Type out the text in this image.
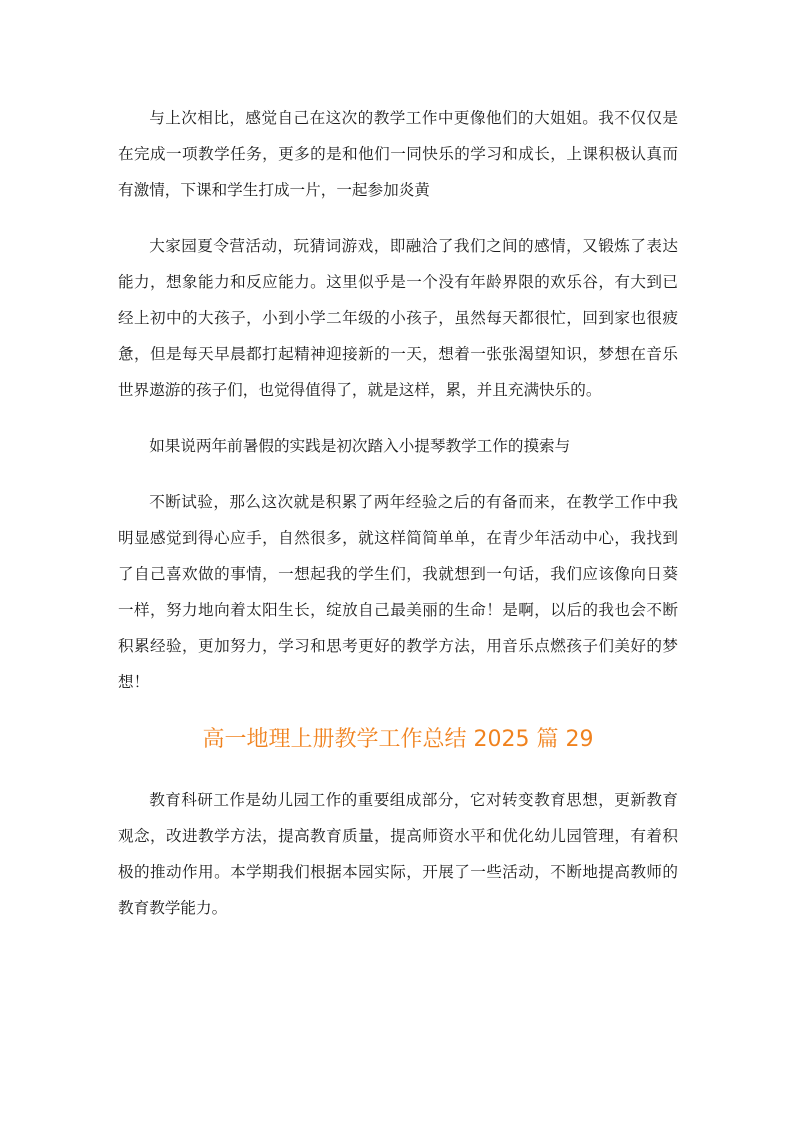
与上次相比，感觉自己在这次的教学工作中更像他们的大姐姐。我不仅仅是在完成一项教学任务，更多的是和他们一同快乐的学习和成长，上课积极认真而有激情，下课和学生打成一片，一起参加炎黄

大家园夏令营活动，玩猜词游戏，即融洽了我们之间的感情，又锻炼了表达能力，想象能力和反应能力。这里似乎是一个没有年龄界限的欢乐谷，有大到已经上初中的大孩子，小到小学二年级的小孩子，虽然每天都很忙，回到家也很疲惫，但是每天早晨都打起精神迎接新的一天，想着一张张渴望知识，梦想在音乐世界遨游的孩子们，也觉得值得了，就是这样，累，并且充满快乐的。

如果说两年前暑假的实践是初次踏入小提琴教学工作的摸索与

不断试验，那么这次就是积累了两年经验之后的有备而来，在教学工作中我明显感觉到得心应手，自然很多，就这样简简单单，在青少年活动中心，我找到了自己喜欢做的事情，一想起我的学生们，我就想到一句话，我们应该像向日葵一样，努力地向着太阳生长，绽放自己最美丽的生命！是啊，以后的我也会不断积累经验，更加努力，学习和思考更好的教学方法，用音乐点燃孩子们美好的梦想！

高一地理上册教学工作总结 2025 篇 29

教育科研工作是幼儿园工作的重要组成部分，它对转变教育思想，更新教育观念，改进教学方法，提高教育质量，提高师资水平和优化幼儿园管理，有着积极的推动作用。本学期我们根据本园实际，开展了一些活动，不断地提高教师的教育教学能力。
